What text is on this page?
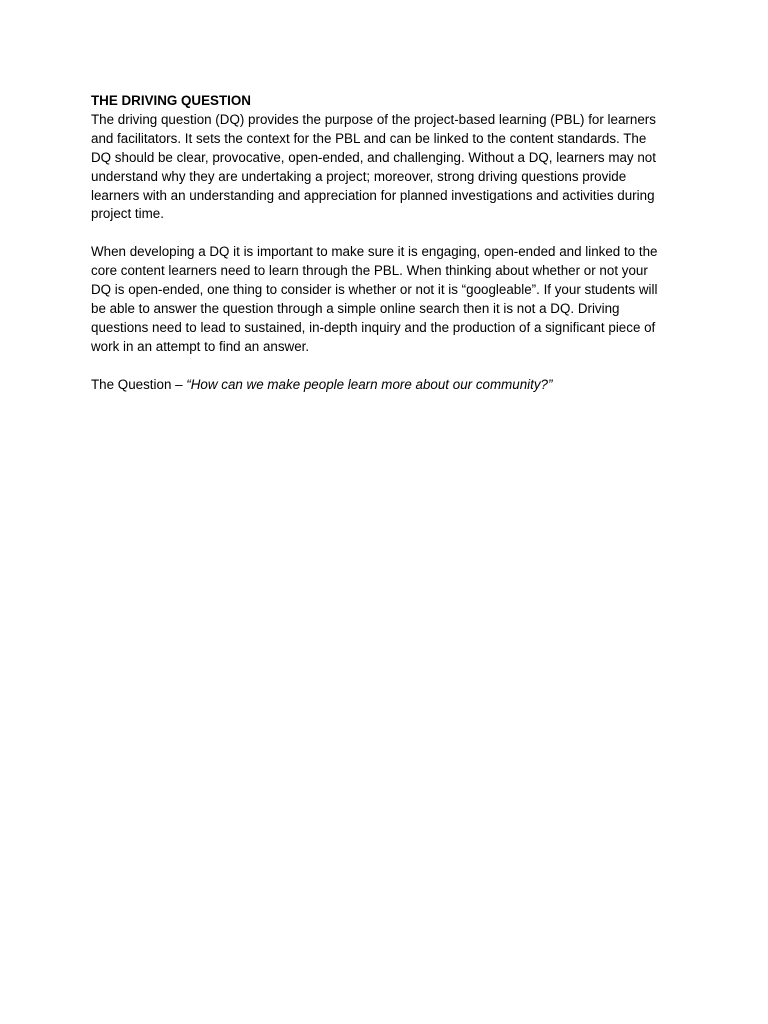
THE DRIVING QUESTION

The driving question (DQ) provides the purpose of the project-based learning (PBL) for learners
and facilitators. It sets the context for the PBL and can be linked to the content standards. The
DQ should be clear, provocative, open-ended, and challenging. Without a DQ, learners may not
understand why they are undertaking a project; moreover, strong driving questions provide
learners with an understanding and appreciation for planned investigations and activities during
project time.

When developing a DQ it is important to make sure it is engaging, open-ended and linked to the
core content learners need to learn through the PBL. When thinking about whether or not your
DQ is open-ended, one thing to consider is whether or not it is “googleable”. If your students will
be able to answer the question through a simple online search then it is not a DQ. Driving
questions need to lead to sustained, in-depth inquiry and the production of a significant piece of
work in an attempt to find an answer.

The Question – “How can we make people learn more about our community?”
